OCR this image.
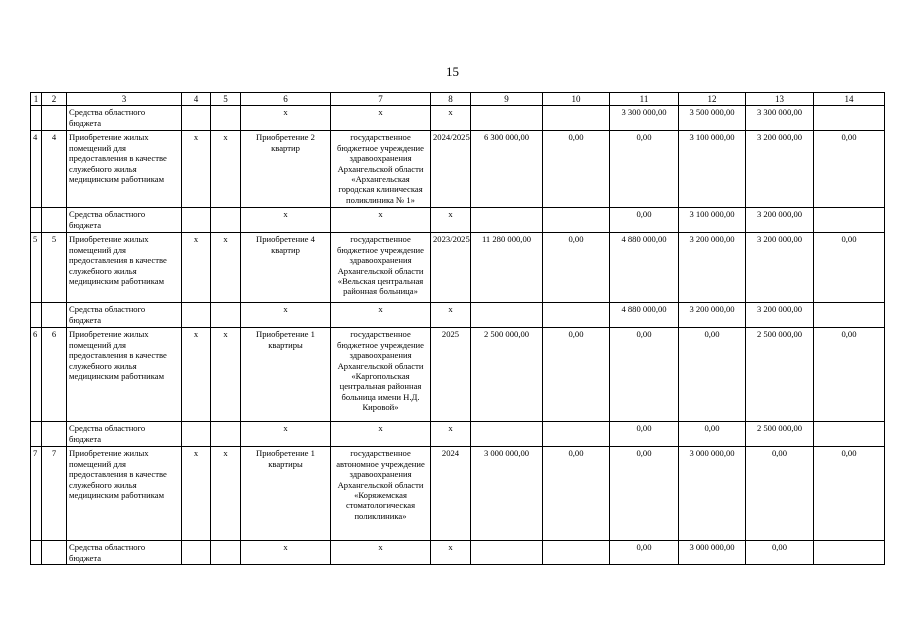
15
1	2	3	4	5	6	7	8	9	10	11	12	13	14
		Средства областного бюджета			х	х	х			3 300 000,00	3 500 000,00	3 300 000,00	
4	4	Приобретение жилых помещений для предоставления в качестве служебного жилья медицинским работникам	х	х	Приобретение 2 квартир	государственное бюджетное учреждение здравоохранения Архангельской области «Архангельская городская клиническая поликлиника № 1»	2024/2025	6 300 000,00	0,00	0,00	3 100 000,00	3 200 000,00	0,00
		Средства областного бюджета			х	х	х			0,00	3 100 000,00	3 200 000,00	
5	5	Приобретение жилых помещений для предоставления в качестве служебного жилья медицинским работникам	х	х	Приобретение 4 квартир	государственное бюджетное учреждение здравоохранения Архангельской области «Вельская центральная районная больница»	2023/2025	11 280 000,00	0,00	4 880 000,00	3 200 000,00	3 200 000,00	0,00
		Средства областного бюджета			х	х	х			4 880 000,00	3 200 000,00	3 200 000,00	
6	6	Приобретение жилых помещений для предоставления в качестве служебного жилья медицинским работникам	х	х	Приобретение 1 квартиры	государственное бюджетное учреждение здравоохранения Архангельской области «Каргопольская центральная районная больница имени Н.Д. Кировой»	2025	2 500 000,00	0,00	0,00	0,00	2 500 000,00	0,00
		Средства областного бюджета			х	х	х			0,00	0,00	2 500 000,00	
7	7	Приобретение жилых помещений для предоставления в качестве служебного жилья медицинским работникам	х	х	Приобретение 1 квартиры	государственное автономное учреждение здравоохранения Архангельской области «Коряжемская стоматологическая поликлиника»	2024	3 000 000,00	0,00	0,00	3 000 000,00	0,00	0,00
		Средства областного бюджета			х	х	х			0,00	3 000 000,00	0,00	
